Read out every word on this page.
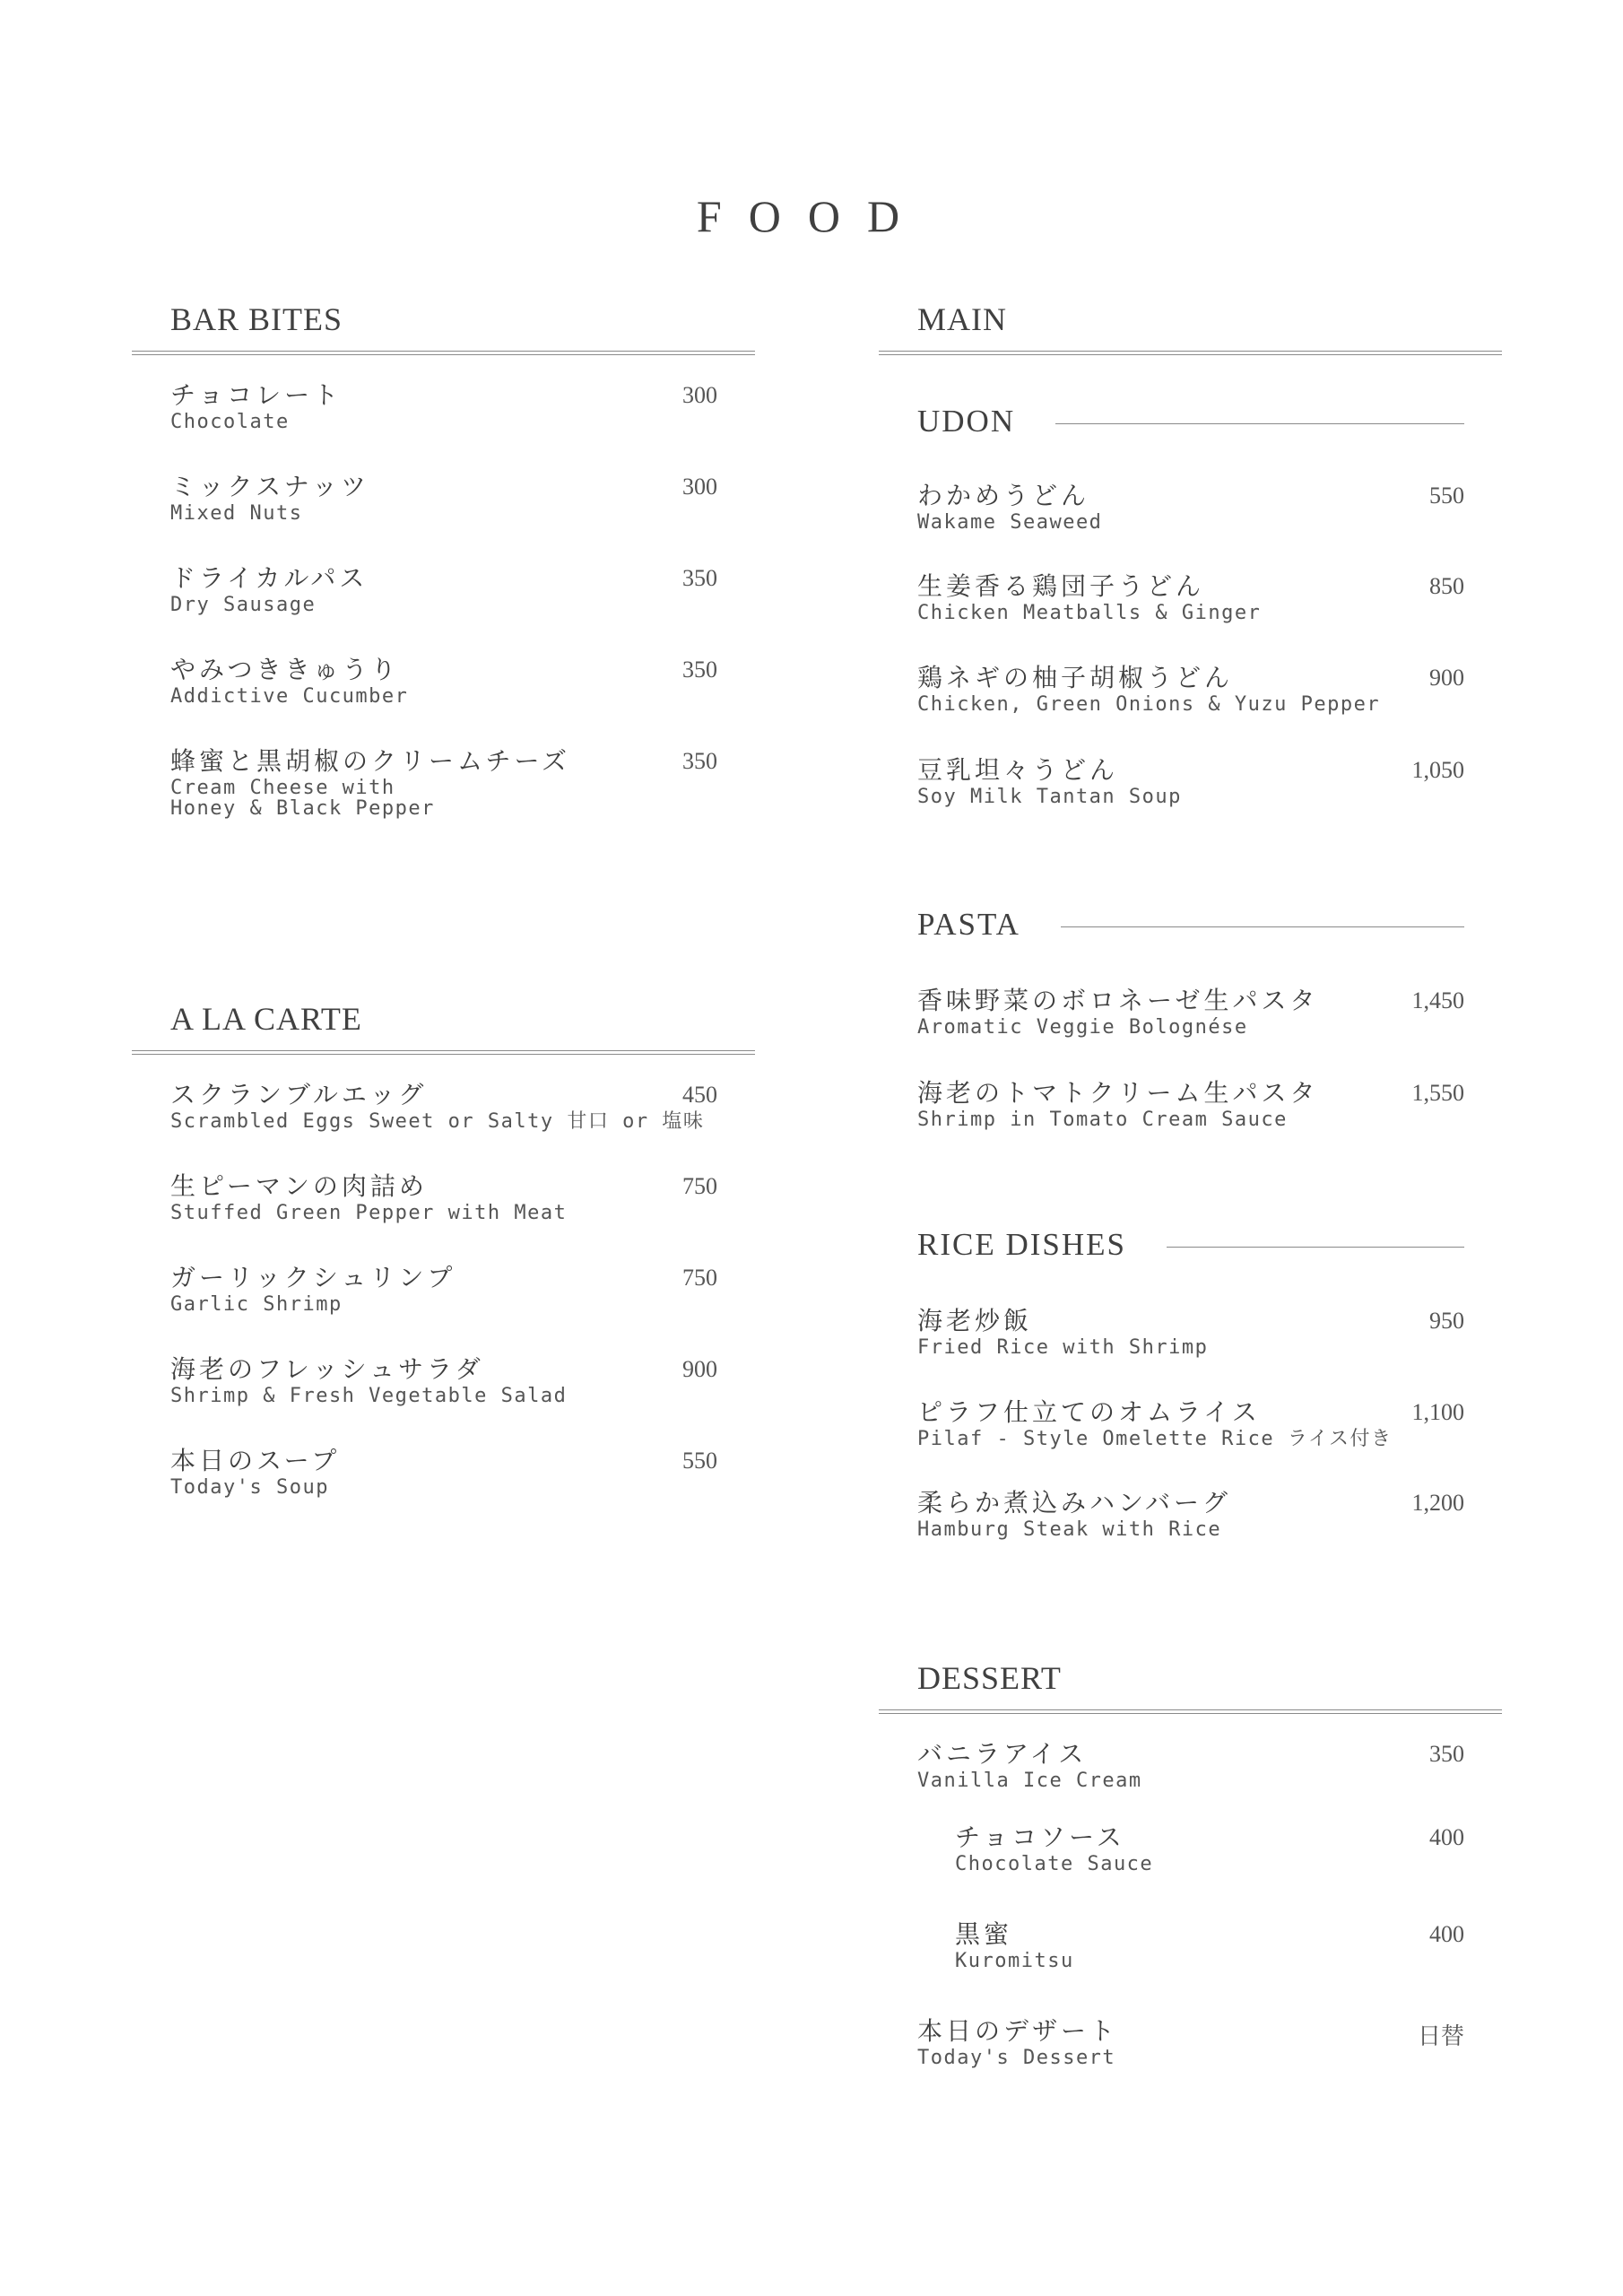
FOOD
BAR BITES
チョコレート
Chocolate
300
ミックスナッツ
Mixed Nuts
300
ドライカルパス
Dry Sausage
350
やみつききゅうり
Addictive Cucumber
350
蜂蜜と黒胡椒のクリームチーズ
Cream Cheese with
Honey & Black Pepper
350
A LA CARTE
スクランブルエッグ
Scrambled Eggs Sweet or Salty 甘口 or 塩味
450
生ピーマンの肉詰め
Stuffed Green Pepper with Meat
750
ガーリックシュリンプ
Garlic Shrimp
750
海老のフレッシュサラダ
Shrimp & Fresh Vegetable Salad
900
本日のスープ
Today's Soup
550
MAIN
UDON
わかめうどん
Wakame Seaweed
550
生姜香る鶏団子うどん
Chicken Meatballs & Ginger
850
鶏ネギの柚子胡椒うどん
Chicken, Green Onions & Yuzu Pepper
900
豆乳坦々うどん
Soy Milk Tantan Soup
1,050
PASTA
香味野菜のボロネーゼ生パスタ
Aromatic Veggie Bolognése
1,450
海老のトマトクリーム生パスタ
Shrimp in Tomato Cream Sauce
1,550
RICE DISHES
海老炒飯
Fried Rice with Shrimp
950
ピラフ仕立てのオムライス
Pilaf - Style Omelette Rice ライス付き
1,100
柔らか煮込みハンバーグ
Hamburg Steak with Rice
1,200
DESSERT
バニラアイス
Vanilla Ice Cream
350
チョコソース
Chocolate Sauce
400
黒蜜
Kuromitsu
400
本日のデザート
Today's Dessert
日替
